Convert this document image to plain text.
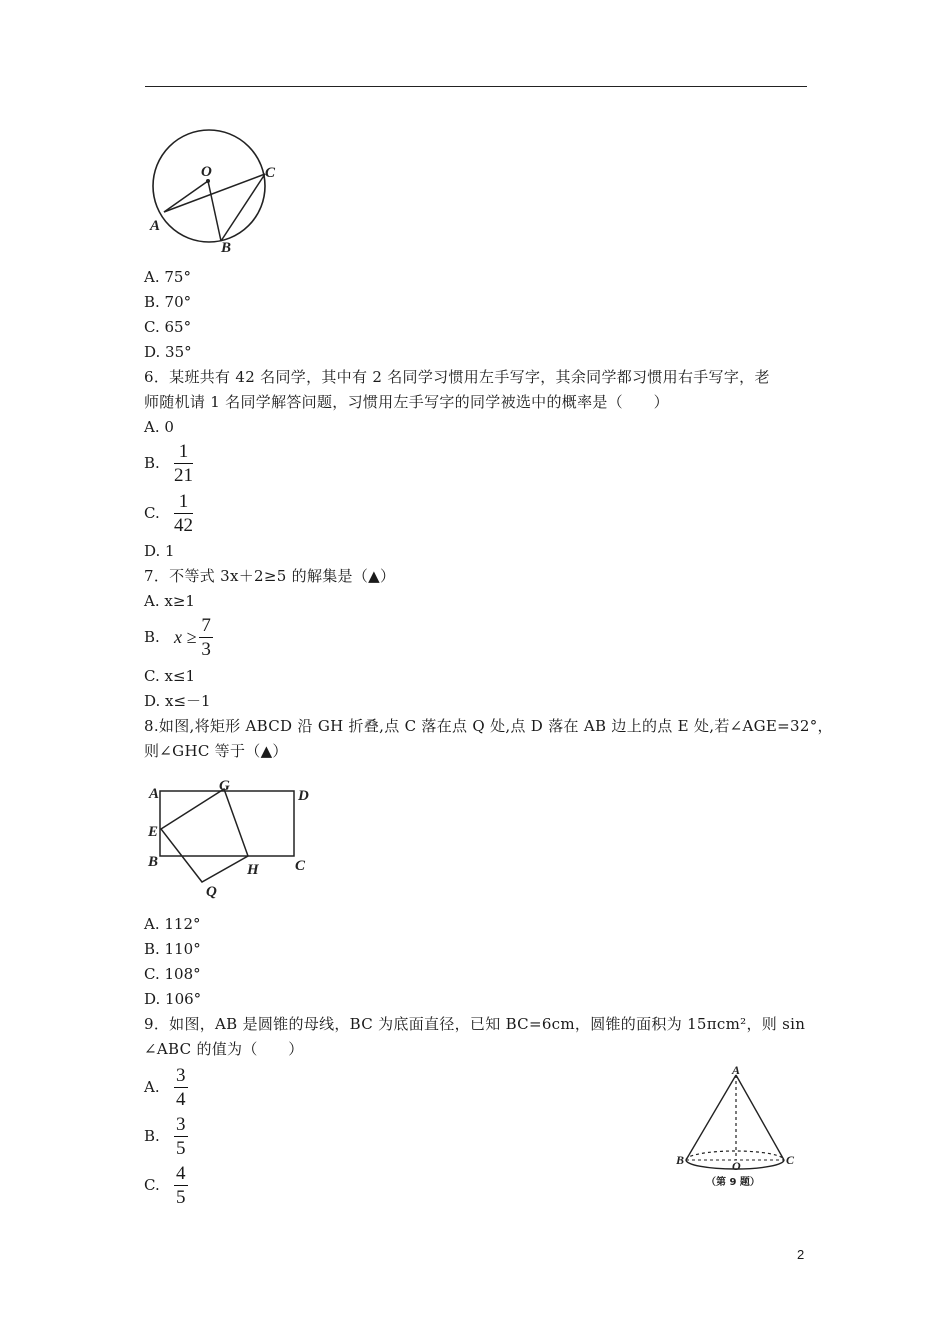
O	C
A
B
A. 75°
B. 70°
C. 65°
D. 35°
6．某班共有 42 名同学，其中有 2 名同学习惯用左手写字，其余同学都习惯用右手写字，老
师随机请 1 名同学解答问题，习惯用左手写字的同学被选中的概率是（　　）
A. 0
B. $\frac{1}{21}$
C. $\frac{1}{42}$
D. 1
7．不等式 3x＋2≥5 的解集是（▲）
A. x≥1
B. $x \ge \frac{7}{3}$
C. x≤1
D. x≤－1
8.如图,将矩形 ABCD 沿 GH 折叠,点 C 落在点 Q 处,点 D 落在 AB 边上的点 E 处,若∠AGE=32°，
则∠GHC 等于（▲）
A	G
D
E
B	H C
Q
A. 112°
B. 110°
C. 108°
D. 106°
9．如图，AB 是圆锥的母线，BC 为底面直径，已知 BC=6cm，圆锥的面积为 15πcm²，则 sin
∠ABC 的值为（　　）
A. $\frac{3}{4}$
B. $\frac{3}{5}$
C. $\frac{4}{5}$
A
B	O	C
（第 9 题）
2
